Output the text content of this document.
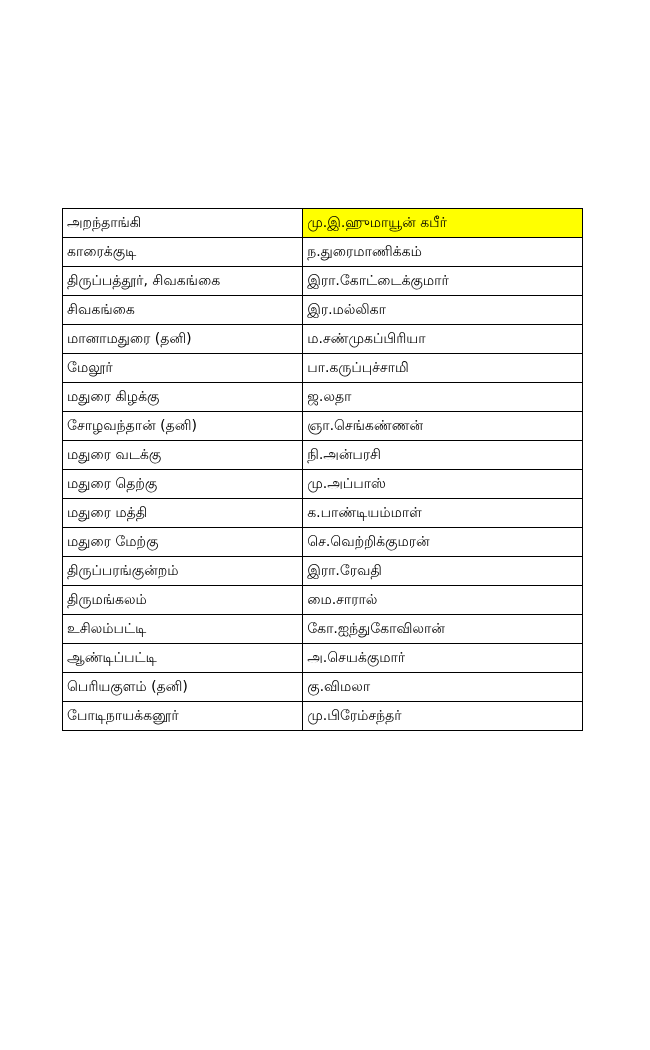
அறந்தாங்கி	மு.இ.ஹுமாயூன் கபீர்
காரைக்குடி	ந.துரைமாணிக்கம்
திருப்பத்தூர், சிவகங்கை	இரா.கோட்டைக்குமார்
சிவகங்கை	இர.மல்லிகா
மானாமதுரை (தனி)	ம.சண்முகப்பிரியா
மேலூர்	பா.கருப்புச்சாமி
மதுரை கிழக்கு	ஜ.லதா
சோழவந்தான் (தனி)	ஞா.செங்கண்ணன்
மதுரை வடக்கு	நி.அன்பரசி
மதுரை தெற்கு	மு.அப்பாஸ்
மதுரை மத்தி	க.பாண்டியம்மாள்
மதுரை மேற்கு	செ.வெற்றிக்குமரன்
திருப்பரங்குன்றம்	இரா.ரேவதி
திருமங்கலம்	மை.சாரால்
உசிலம்பட்டி	கோ.ஐந்துகோவிலான்
ஆண்டிப்பட்டி	அ.செயக்குமார்
பெரியகுளம் (தனி)	கு.விமலா
போடிநாயக்கனூர்	மு.பிரேம்சந்தர்
